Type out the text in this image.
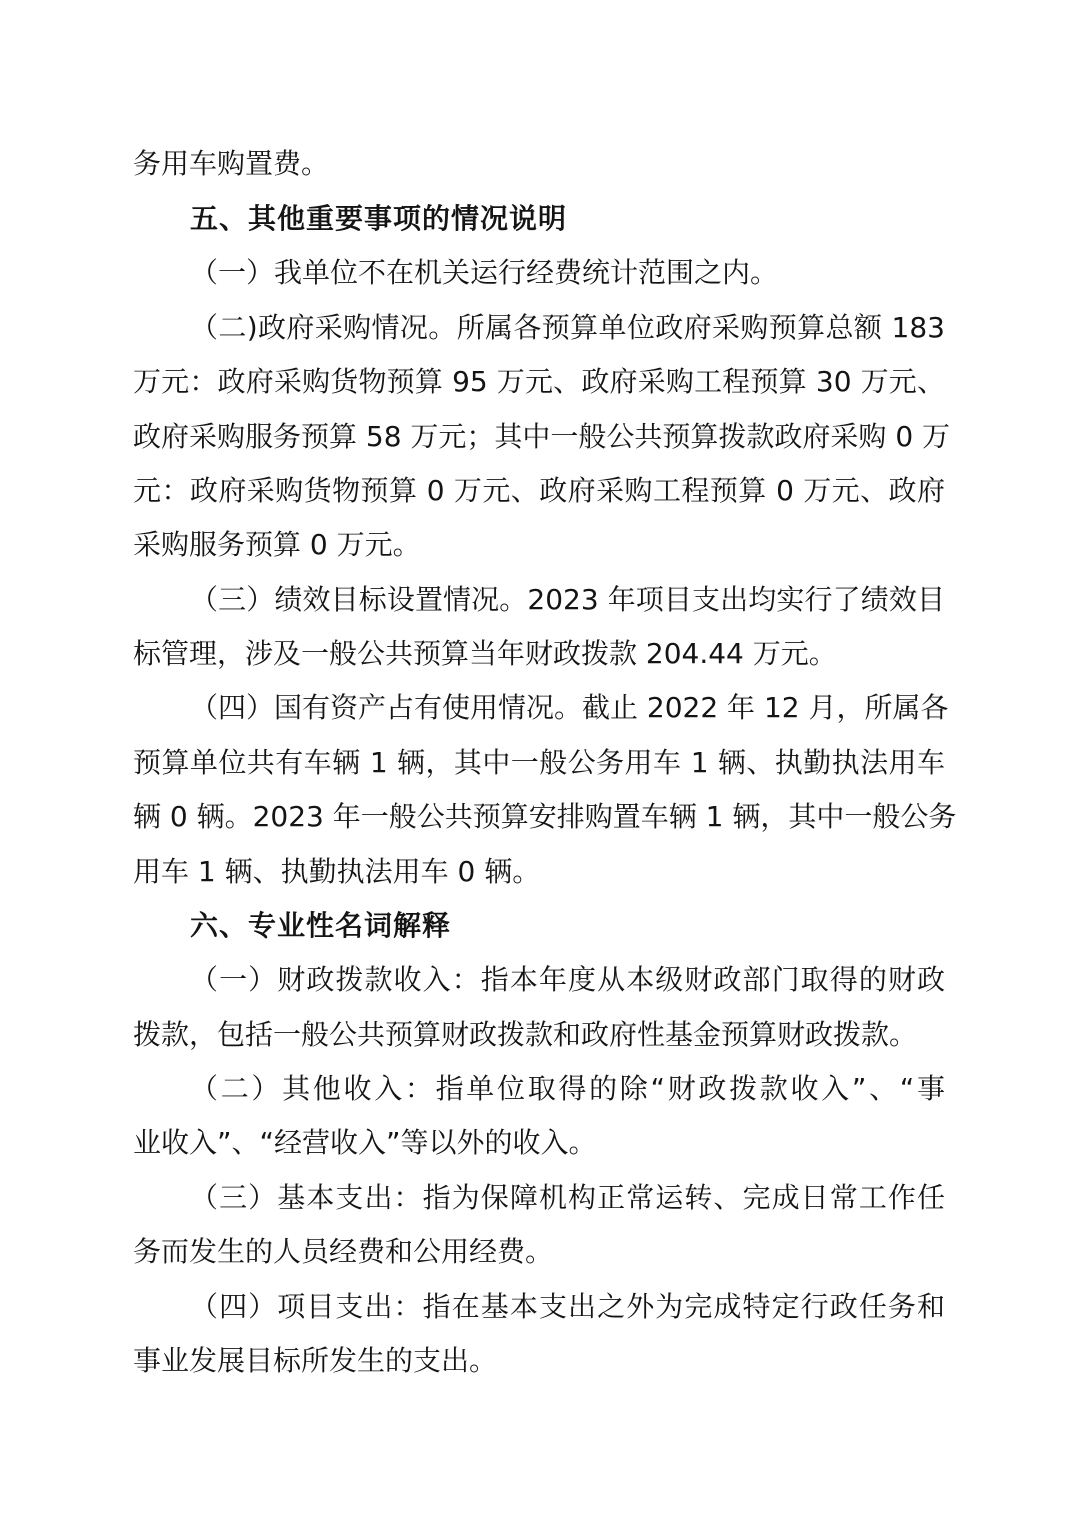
务用车购置费。
五、其他重要事项的情况说明
（一）我单位不在机关运行经费统计范围之内。
（二)政府采购情况。所属各预算单位政府采购预算总额 183
万元：政府采购货物预算 95 万元、政府采购工程预算 30 万元、
政府采购服务预算 58 万元；其中一般公共预算拨款政府采购 0 万
元：政府采购货物预算 0 万元、政府采购工程预算 0 万元、政府
采购服务预算 0 万元。
（三）绩效目标设置情况。2023 年项目支出均实行了绩效目
标管理，涉及一般公共预算当年财政拨款 204.44 万元。
（四）国有资产占有使用情况。截止 2022 年 12 月，所属各
预算单位共有车辆 1 辆，其中一般公务用车 1 辆、执勤执法用车
辆 0 辆。2023 年一般公共预算安排购置车辆 1 辆，其中一般公务
用车 1 辆、执勤执法用车 0 辆。
六、专业性名词解释
（一）财政拨款收入：指本年度从本级财政部门取得的财政
拨款，包括一般公共预算财政拨款和政府性基金预算财政拨款。
（二）其他收入：指单位取得的除“财政拨款收入”、“事
业收入”、“经营收入”等以外的收入。
（三）基本支出：指为保障机构正常运转、完成日常工作任
务而发生的人员经费和公用经费。
（四）项目支出：指在基本支出之外为完成特定行政任务和
事业发展目标所发生的支出。
